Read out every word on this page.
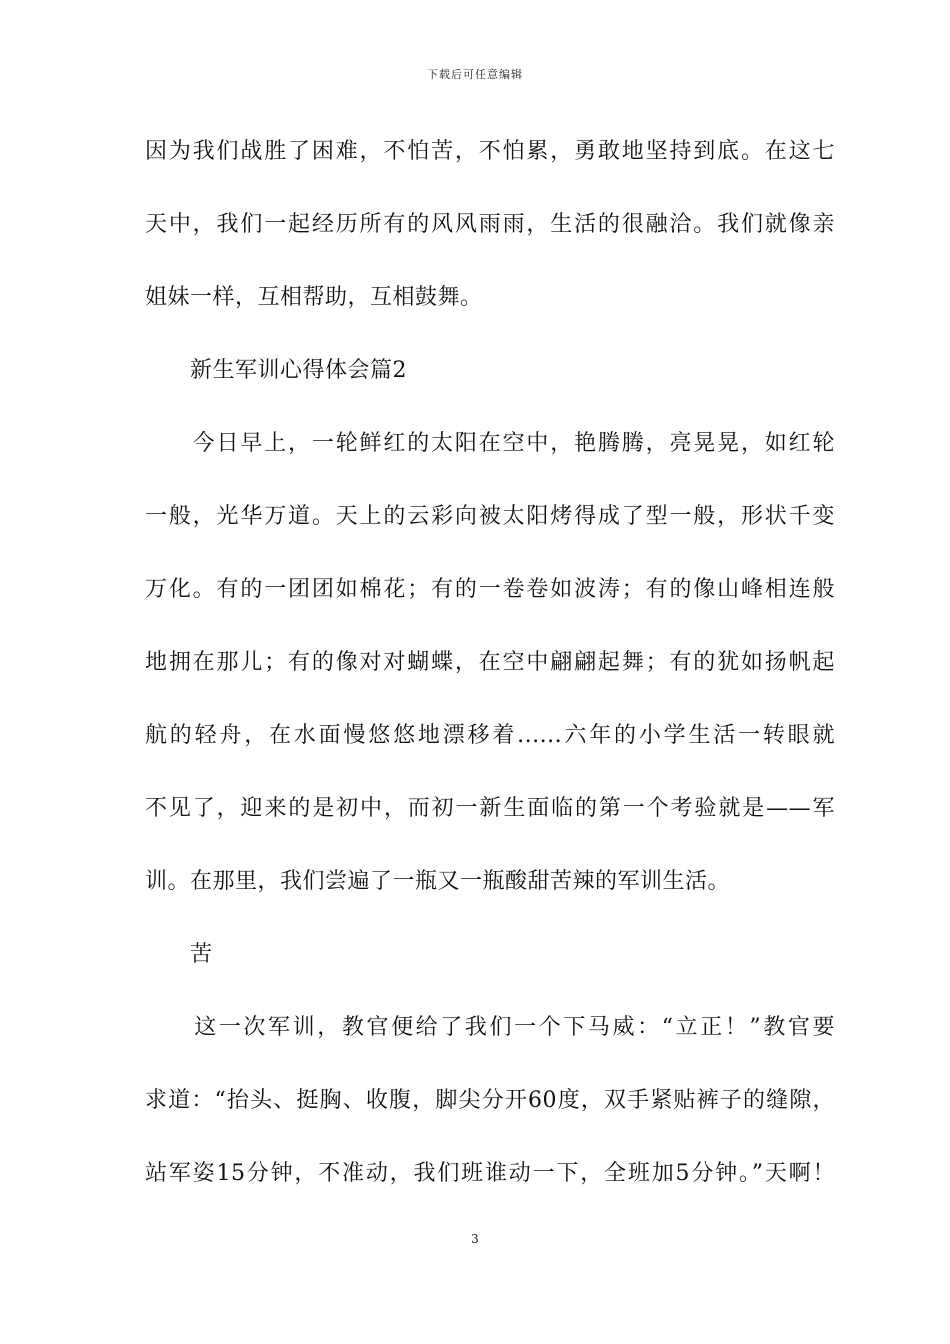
下载后可任意编辑
因为我们战胜了困难，不怕苦，不怕累，勇敢地坚持到底。在这七
天中，我们一起经历所有的风风雨雨，生活的很融洽。我们就像亲
姐妹一样，互相帮助，互相鼓舞。
　　新生军训心得体会篇2
　　今日早上，一轮鲜红的太阳在空中，艳腾腾，亮晃晃，如红轮
一般，光华万道。天上的云彩向被太阳烤得成了型一般，形状千变
万化。有的一团团如棉花；有的一卷卷如波涛；有的像山峰相连般
地拥在那儿；有的像对对蝴蝶，在空中翩翩起舞；有的犹如扬帆起
航的轻舟，在水面慢悠悠地漂移着......六年的小学生活一转眼就
不见了，迎来的是初中，而初一新生面临的第一个考验就是——军
训。在那里，我们尝遍了一瓶又一瓶酸甜苦辣的军训生活。
　　苦
　　这一次军训，教官便给了我们一个下马威：“立正！”教官要
求道：“抬头、挺胸、收腹，脚尖分开60度，双手紧贴裤子的缝隙，
站军姿15分钟，不准动，我们班谁动一下，全班加5分钟。”天啊！
3
